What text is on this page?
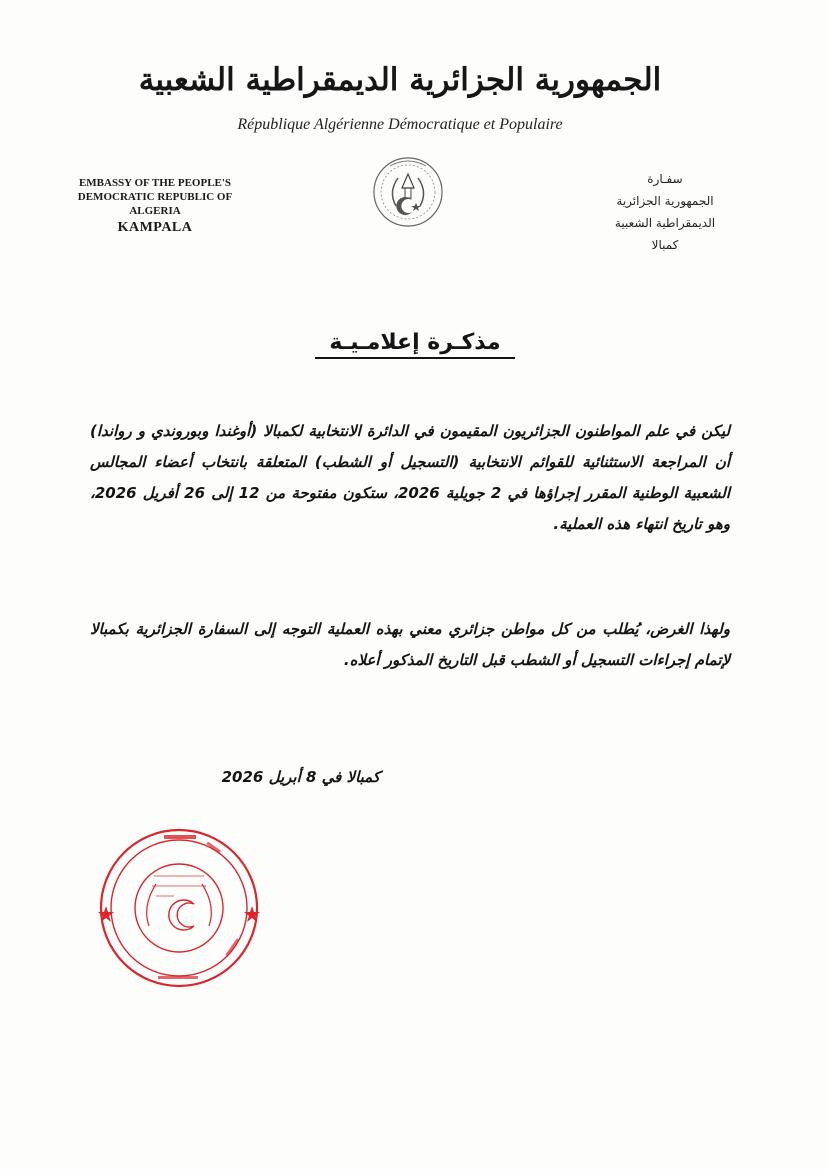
الجمهورية الجزائرية الديمقراطية الشعبية
République Algérienne Démocratique et Populaire
EMBASSY OF THE PEOPLE'S
DEMOCRATIC REPUBLIC OF
ALGERIA
KAMPALA
سفـارة
الجمهورية الجزائرية
الديمقراطية الشعبية
كمبالا
مذكـرة إعلامـيـة
ليكن في علم المواطنون الجزائريون المقيمون في الدائرة الانتخابية لكمبالا (أوغندا وبوروندي و رواندا) أن المراجعة الاستثنائية للقوائم الانتخابية (التسجيل أو الشطب) المتعلقة بانتخاب أعضاء المجالس الشعبية الوطنية المقرر إجراؤها في 2 جويلية 2026، ستكون مفتوحة من 12 إلى 26 أفريل 2026، وهو تاريخ انتهاء هذه العملية.
ولهذا الغرض، يُطلب من كل مواطن جزائري معني بهذه العملية التوجه إلى السفارة الجزائرية بكمبالا لإتمام إجراءات التسجيل أو الشطب قبل التاريخ المذكور أعلاه.
كمبالا في 8 أبريل 2026
